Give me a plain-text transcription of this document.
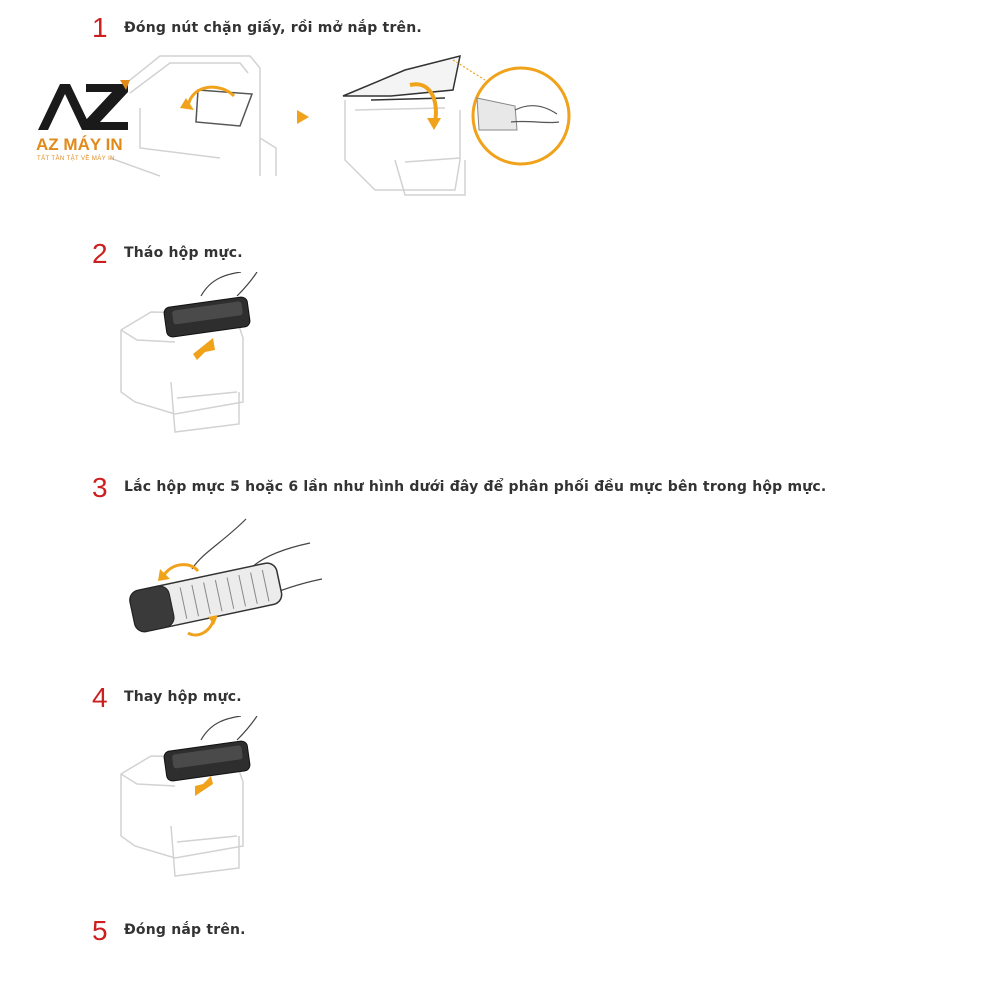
1 Đóng nút chặn giấy, rồi mở nắp trên.
AZ MÁY IN
TẤT TẦN TẬT VỀ MÁY IN
2 Tháo hộp mực.
3 Lắc hộp mực 5 hoặc 6 lần như hình dưới đây để phân phối đều mực bên trong hộp mực.
4 Thay hộp mực.
5 Đóng nắp trên.
